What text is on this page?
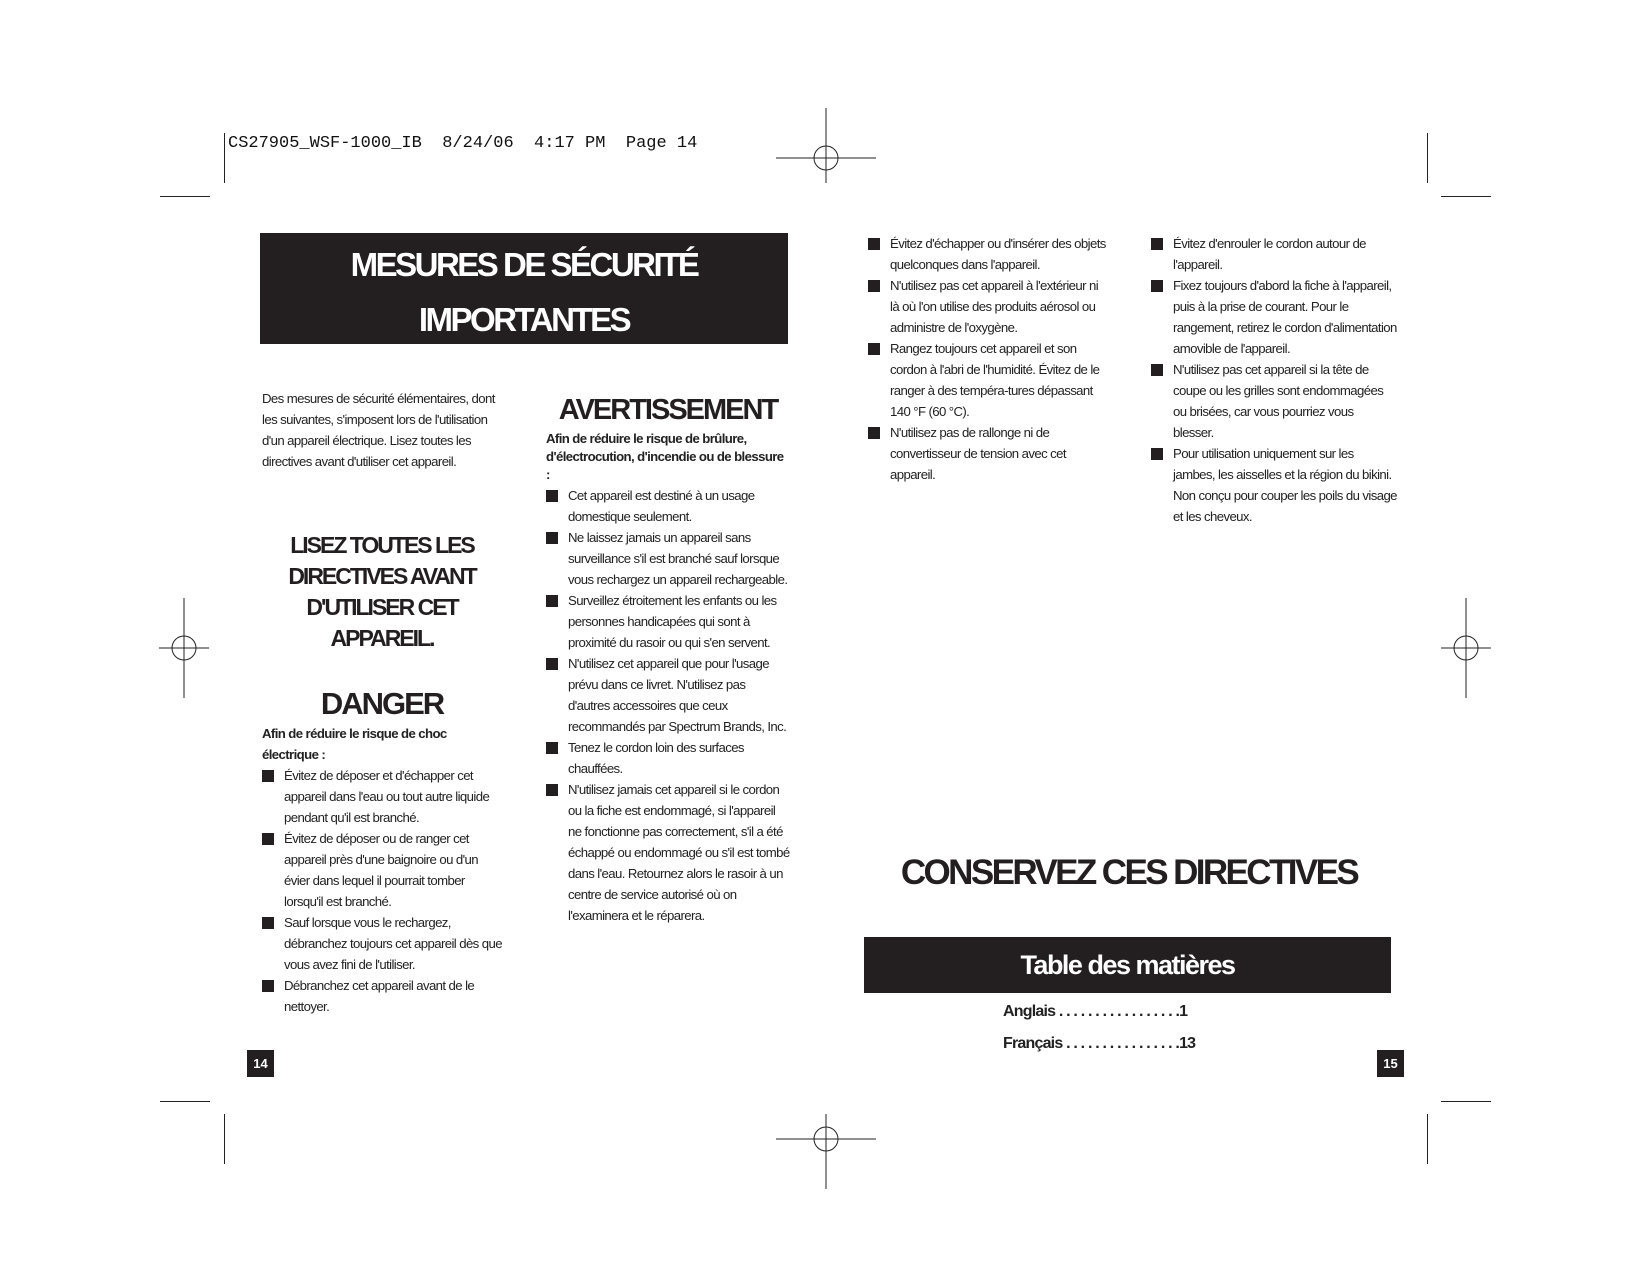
CS27905_WSF-1000_IB  8/24/06  4:17 PM  Page 14
MESURES DE SÉCURITÉ
IMPORTANTES
Des mesures de sécurité élémentaires, dont les suivantes, s'imposent lors de l'utilisation d'un appareil électrique. Lisez toutes les directives avant d'utiliser cet appareil.
LISEZ TOUTES LES
DIRECTIVES AVANT
D'UTILISER CET
APPAREIL.
DANGER
Afin de réduire le risque de choc électrique :
Évitez de déposer et d'échapper cet appareil dans l'eau ou tout autre liquide pendant qu'il est branché.
Évitez de déposer ou de ranger cet appareil près d'une baignoire ou d'un évier dans lequel il pourrait tomber lorsqu'il est branché.
Sauf lorsque vous le rechargez, débranchez toujours cet appareil dès que vous avez fini de l'utiliser.
Débranchez cet appareil avant de le nettoyer.
AVERTISSEMENT
Afin de réduire le risque de brûlure, d'électrocution, d'incendie ou de blessure :
Cet appareil est destiné à un usage domestique seulement.
Ne laissez jamais un appareil sans surveillance s'il est branché sauf lorsque vous rechargez un appareil rechargeable.
Surveillez étroitement les enfants ou les personnes handicapées qui sont à proximité du rasoir ou qui s'en servent.
N'utilisez cet appareil que pour l'usage prévu dans ce livret. N'utilisez pas d'autres accessoires que ceux recommandés par Spectrum Brands, Inc.
Tenez le cordon loin des surfaces chauffées.
N'utilisez jamais cet appareil si le cordon ou la fiche est endommagé, si l'appareil ne fonctionne pas correctement, s'il a été échappé ou endommagé ou s'il est tombé dans l'eau. Retournez alors le rasoir à un centre de service autorisé où on l'examinera et le réparera.
14
Évitez d'échapper ou d'insérer des objets quelconques dans l'appareil.
N'utilisez pas cet appareil à l'extérieur ni là où l'on utilise des produits aérosol ou administre de l'oxygène.
Rangez toujours cet appareil et son cordon à l'abri de l'humidité. Évitez de le ranger à des tempéra-tures dépassant 140 °F (60 °C).
N'utilisez pas de rallonge ni de convertisseur de tension avec cet appareil.
Évitez d'enrouler le cordon autour de l'appareil.
Fixez toujours d'abord la fiche à l'appareil, puis à la prise de courant. Pour le rangement, retirez le cordon d'alimentation amovible de l'appareil.
N'utilisez pas cet appareil si la tête de coupe ou les grilles sont endommagées ou brisées, car vous pourriez vous blesser.
Pour utilisation uniquement sur les jambes, les aisselles et la région du bikini. Non conçu pour couper les poils du visage et les cheveux.
CONSERVEZ CES DIRECTIVES
Table des matières
Anglais . . . . . . . . . . . . . . . . .1
Français . . . . . . . . . . . . . . . .13
15
